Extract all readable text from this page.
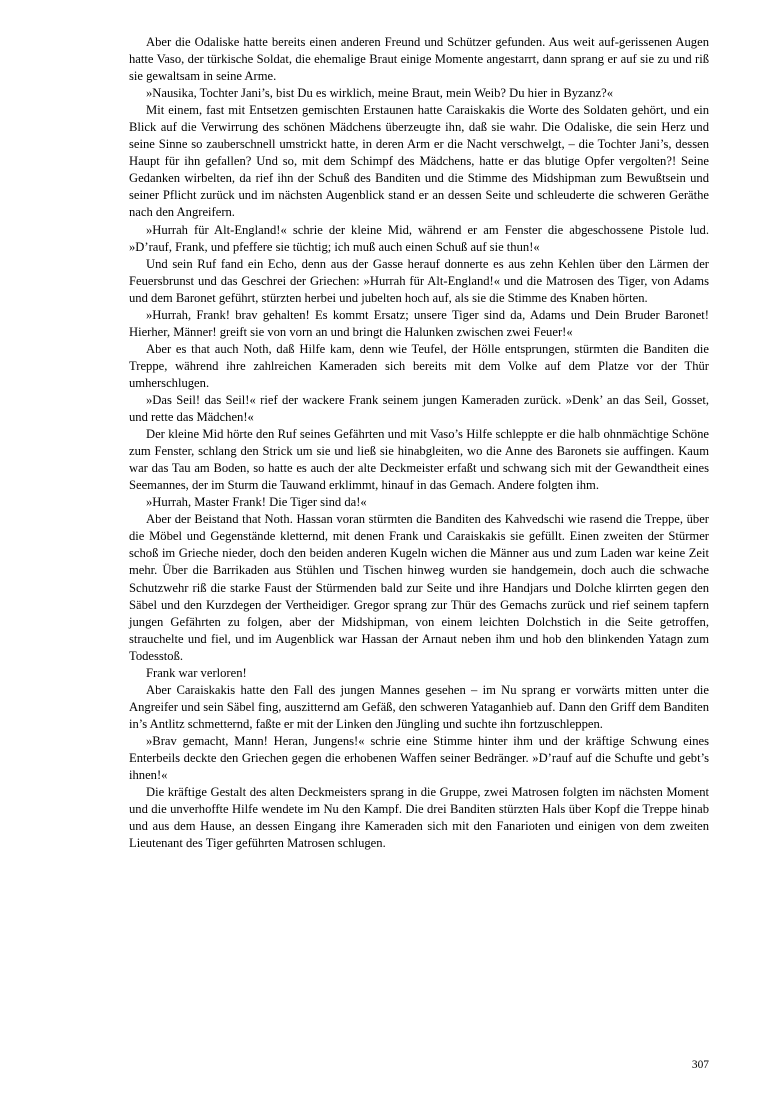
Aber die Odaliske hatte bereits einen anderen Freund und Schützer gefunden. Aus weit auf-gerissenen Augen hatte Vaso, der türkische Soldat, die ehemalige Braut einige Momente angestarrt, dann sprang er auf sie zu und riß sie gewaltsam in seine Arme.

»Nausika, Tochter Jani’s, bist Du es wirklich, meine Braut, mein Weib? Du hier in Byzanz?«

Mit einem, fast mit Entsetzen gemischten Erstaunen hatte Caraiskakis die Worte des Soldaten gehört, und ein Blick auf die Verwirrung des schönen Mädchens überzeugte ihn, daß sie wahr. Die Odaliske, die sein Herz und seine Sinne so zauberschnell umstrickt hatte, in deren Arm er die Nacht verschwelgt, – die Tochter Jani’s, dessen Haupt für ihn gefallen? Und so, mit dem Schimpf des Mädchens, hatte er das blutige Opfer vergolten?! Seine Gedanken wirbelten, da rief ihn der Schuß des Banditen und die Stimme des Midshipman zum Bewußtsein und seiner Pflicht zurück und im nächsten Augenblick stand er an dessen Seite und schleuderte die schweren Geräthe nach den Angreifern.

»Hurrah für Alt-England!« schrie der kleine Mid, während er am Fenster die abgeschossene Pistole lud. »D’rauf, Frank, und pfeffere sie tüchtig; ich muß auch einen Schuß auf sie thun!«

Und sein Ruf fand ein Echo, denn aus der Gasse herauf donnerte es aus zehn Kehlen über den Lärmen der Feuersbrunst und das Geschrei der Griechen: »Hurrah für Alt-England!« und die Matrosen des Tiger, von Adams und dem Baronet geführt, stürzten herbei und jubelten hoch auf, als sie die Stimme des Knaben hörten.

»Hurrah, Frank! brav gehalten! Es kommt Ersatz; unsere Tiger sind da, Adams und Dein Bruder Baronet! Hierher, Männer! greift sie von vorn an und bringt die Halunken zwischen zwei Feuer!«

Aber es that auch Noth, daß Hilfe kam, denn wie Teufel, der Hölle entsprungen, stürmten die Banditen die Treppe, während ihre zahlreichen Kameraden sich bereits mit dem Volke auf dem Platze vor der Thür umherschlugen.

»Das Seil! das Seil!« rief der wackere Frank seinem jungen Kameraden zurück. »Denk’ an das Seil, Gosset, und rette das Mädchen!«

Der kleine Mid hörte den Ruf seines Gefährten und mit Vaso’s Hilfe schleppte er die halb ohnmächtige Schöne zum Fenster, schlang den Strick um sie und ließ sie hinabgleiten, wo die Anne des Baronets sie auffingen. Kaum war das Tau am Boden, so hatte es auch der alte Deckmeister erfaßt und schwang sich mit der Gewandtheit eines Seemannes, der im Sturm die Tauwand erklimmt, hinauf in das Gemach. Andere folgten ihm.

»Hurrah, Master Frank! Die Tiger sind da!«

Aber der Beistand that Noth. Hassan voran stürmten die Banditen des Kahvedschi wie rasend die Treppe, über die Möbel und Gegenstände kletternd, mit denen Frank und Caraiskakis sie gefüllt. Einen zweiten der Stürmer schoß im Grieche nieder, doch den beiden anderen Kugeln wichen die Männer aus und zum Laden war keine Zeit mehr. Über die Barrikaden aus Stühlen und Tischen hinweg wurden sie handgemein, doch auch die schwache Schutzwehr riß die starke Faust der Stürmenden bald zur Seite und ihre Handjars und Dolche klirrten gegen den Säbel und den Kurzdegen der Vertheidiger. Gregor sprang zur Thür des Gemachs zurück und rief seinem tapfern jungen Gefährten zu folgen, aber der Midshipman, von einem leichten Dolchstich in die Seite getroffen, strauchelte und fiel, und im Augenblick war Hassan der Arnaut neben ihm und hob den blinkenden Yatagn zum Todesstoß.

Frank war verloren!

Aber Caraiskakis hatte den Fall des jungen Mannes gesehen – im Nu sprang er vorwärts mitten unter die Angreifer und sein Säbel fing, auszitternd am Gefäß, den schweren Yataganhieb auf. Dann den Griff dem Banditen in’s Antlitz schmetternd, faßte er mit der Linken den Jüngling und suchte ihn fortzuschleppen.

»Brav gemacht, Mann! Heran, Jungens!« schrie eine Stimme hinter ihm und der kräftige Schwung eines Enterbeils deckte den Griechen gegen die erhobenen Waffen seiner Bedränger. »D’rauf auf die Schufte und gebt’s ihnen!«

Die kräftige Gestalt des alten Deckmeisters sprang in die Gruppe, zwei Matrosen folgten im nächsten Moment und die unverhoffte Hilfe wendete im Nu den Kampf. Die drei Banditen stürzten Hals über Kopf die Treppe hinab und aus dem Hause, an dessen Eingang ihre Kameraden sich mit den Fanarioten und einigen von dem zweiten Lieutenant des Tiger geführten Matrosen schlugen.

307
